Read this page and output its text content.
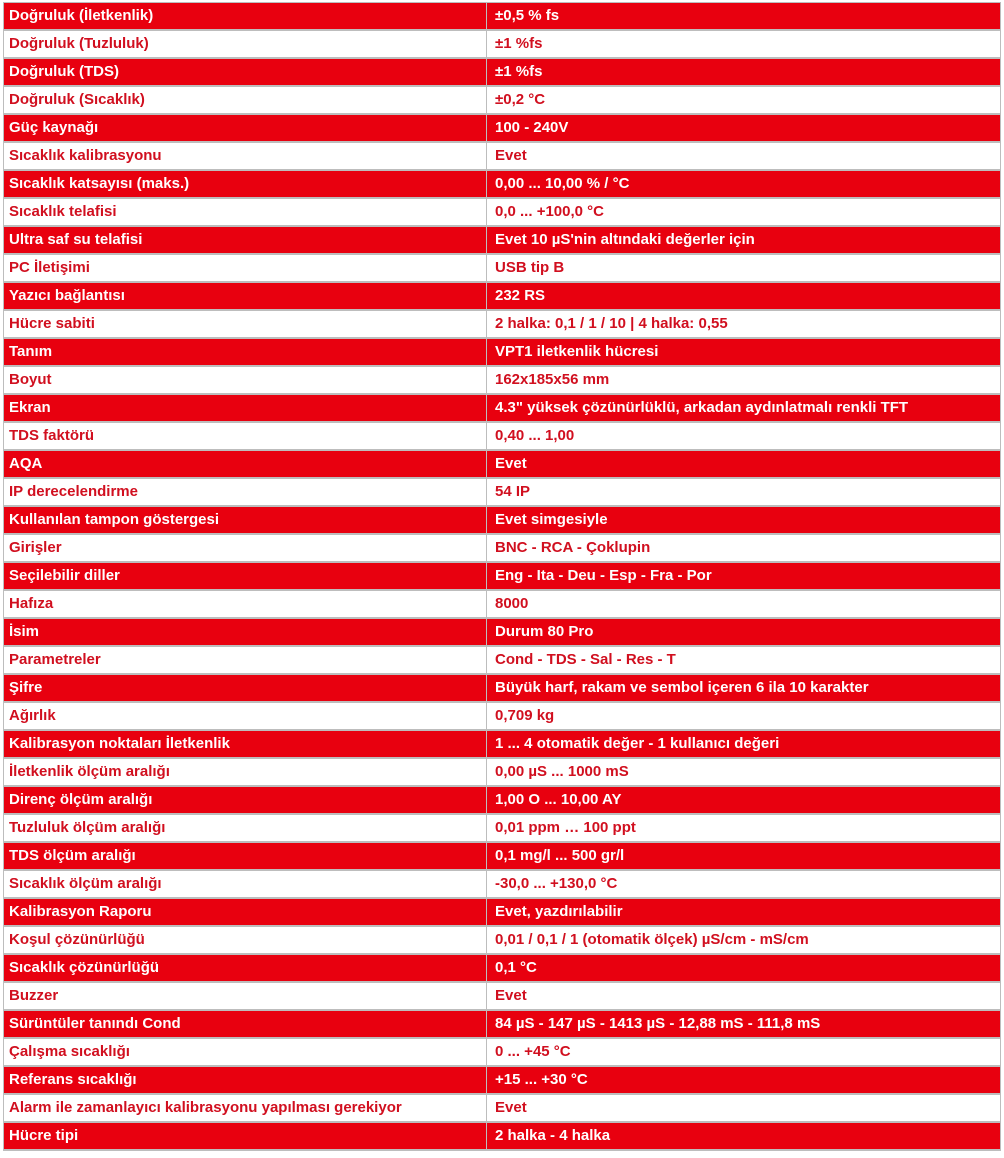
Doğruluk (İletkenlik)	±0,5 % fs
Doğruluk (Tuzluluk)	±1 %fs
Doğruluk (TDS)	±1 %fs
Doğruluk (Sıcaklık)	±0,2 °C
Güç kaynağı	100 - 240V
Sıcaklık kalibrasyonu	Evet
Sıcaklık katsayısı (maks.)	0,00 ... 10,00 % / °C
Sıcaklık telafisi	0,0 ... +100,0 °C
Ultra saf su telafisi	Evet 10 µS'nin altındaki değerler için
PC İletişimi	USB tip B
Yazıcı bağlantısı	232 RS
Hücre sabiti	2 halka: 0,1 / 1 / 10 | 4 halka: 0,55
Tanım	VPT1 iletkenlik hücresi
Boyut	162x185x56 mm
Ekran	4.3" yüksek çözünürlüklü, arkadan aydınlatmalı renkli TFT
TDS faktörü	0,40 ... 1,00
AQA	Evet
IP derecelendirme	54 IP
Kullanılan tampon göstergesi	Evet simgesiyle
Girişler	BNC - RCA - Çoklupin
Seçilebilir diller	Eng - Ita - Deu - Esp - Fra - Por
Hafıza	8000
İsim	Durum 80 Pro
Parametreler	Cond - TDS - Sal - Res - T
Şifre	Büyük harf, rakam ve sembol içeren 6 ila 10 karakter
Ağırlık	0,709 kg
Kalibrasyon noktaları İletkenlik	1 ... 4 otomatik değer - 1 kullanıcı değeri
İletkenlik ölçüm aralığı	0,00 µS ... 1000 mS
Direnç ölçüm aralığı	1,00 O ... 10,00 AY
Tuzluluk ölçüm aralığı	0,01 ppm … 100 ppt
TDS ölçüm aralığı	0,1 mg/l ... 500 gr/l
Sıcaklık ölçüm aralığı	-30,0 ... +130,0 °C
Kalibrasyon Raporu	Evet, yazdırılabilir
Koşul çözünürlüğü	0,01 / 0,1 / 1 (otomatik ölçek) µS/cm - mS/cm
Sıcaklık çözünürlüğü	0,1 °C
Buzzer	Evet
Sürüntüler tanındı Cond	84 µS - 147 µS - 1413 µS - 12,88 mS - 111,8 mS
Çalışma sıcaklığı	0 ... +45 °C
Referans sıcaklığı	+15 ... +30 °C
Alarm ile zamanlayıcı kalibrasyonu yapılması gerekiyor	Evet
Hücre tipi	2 halka - 4 halka
